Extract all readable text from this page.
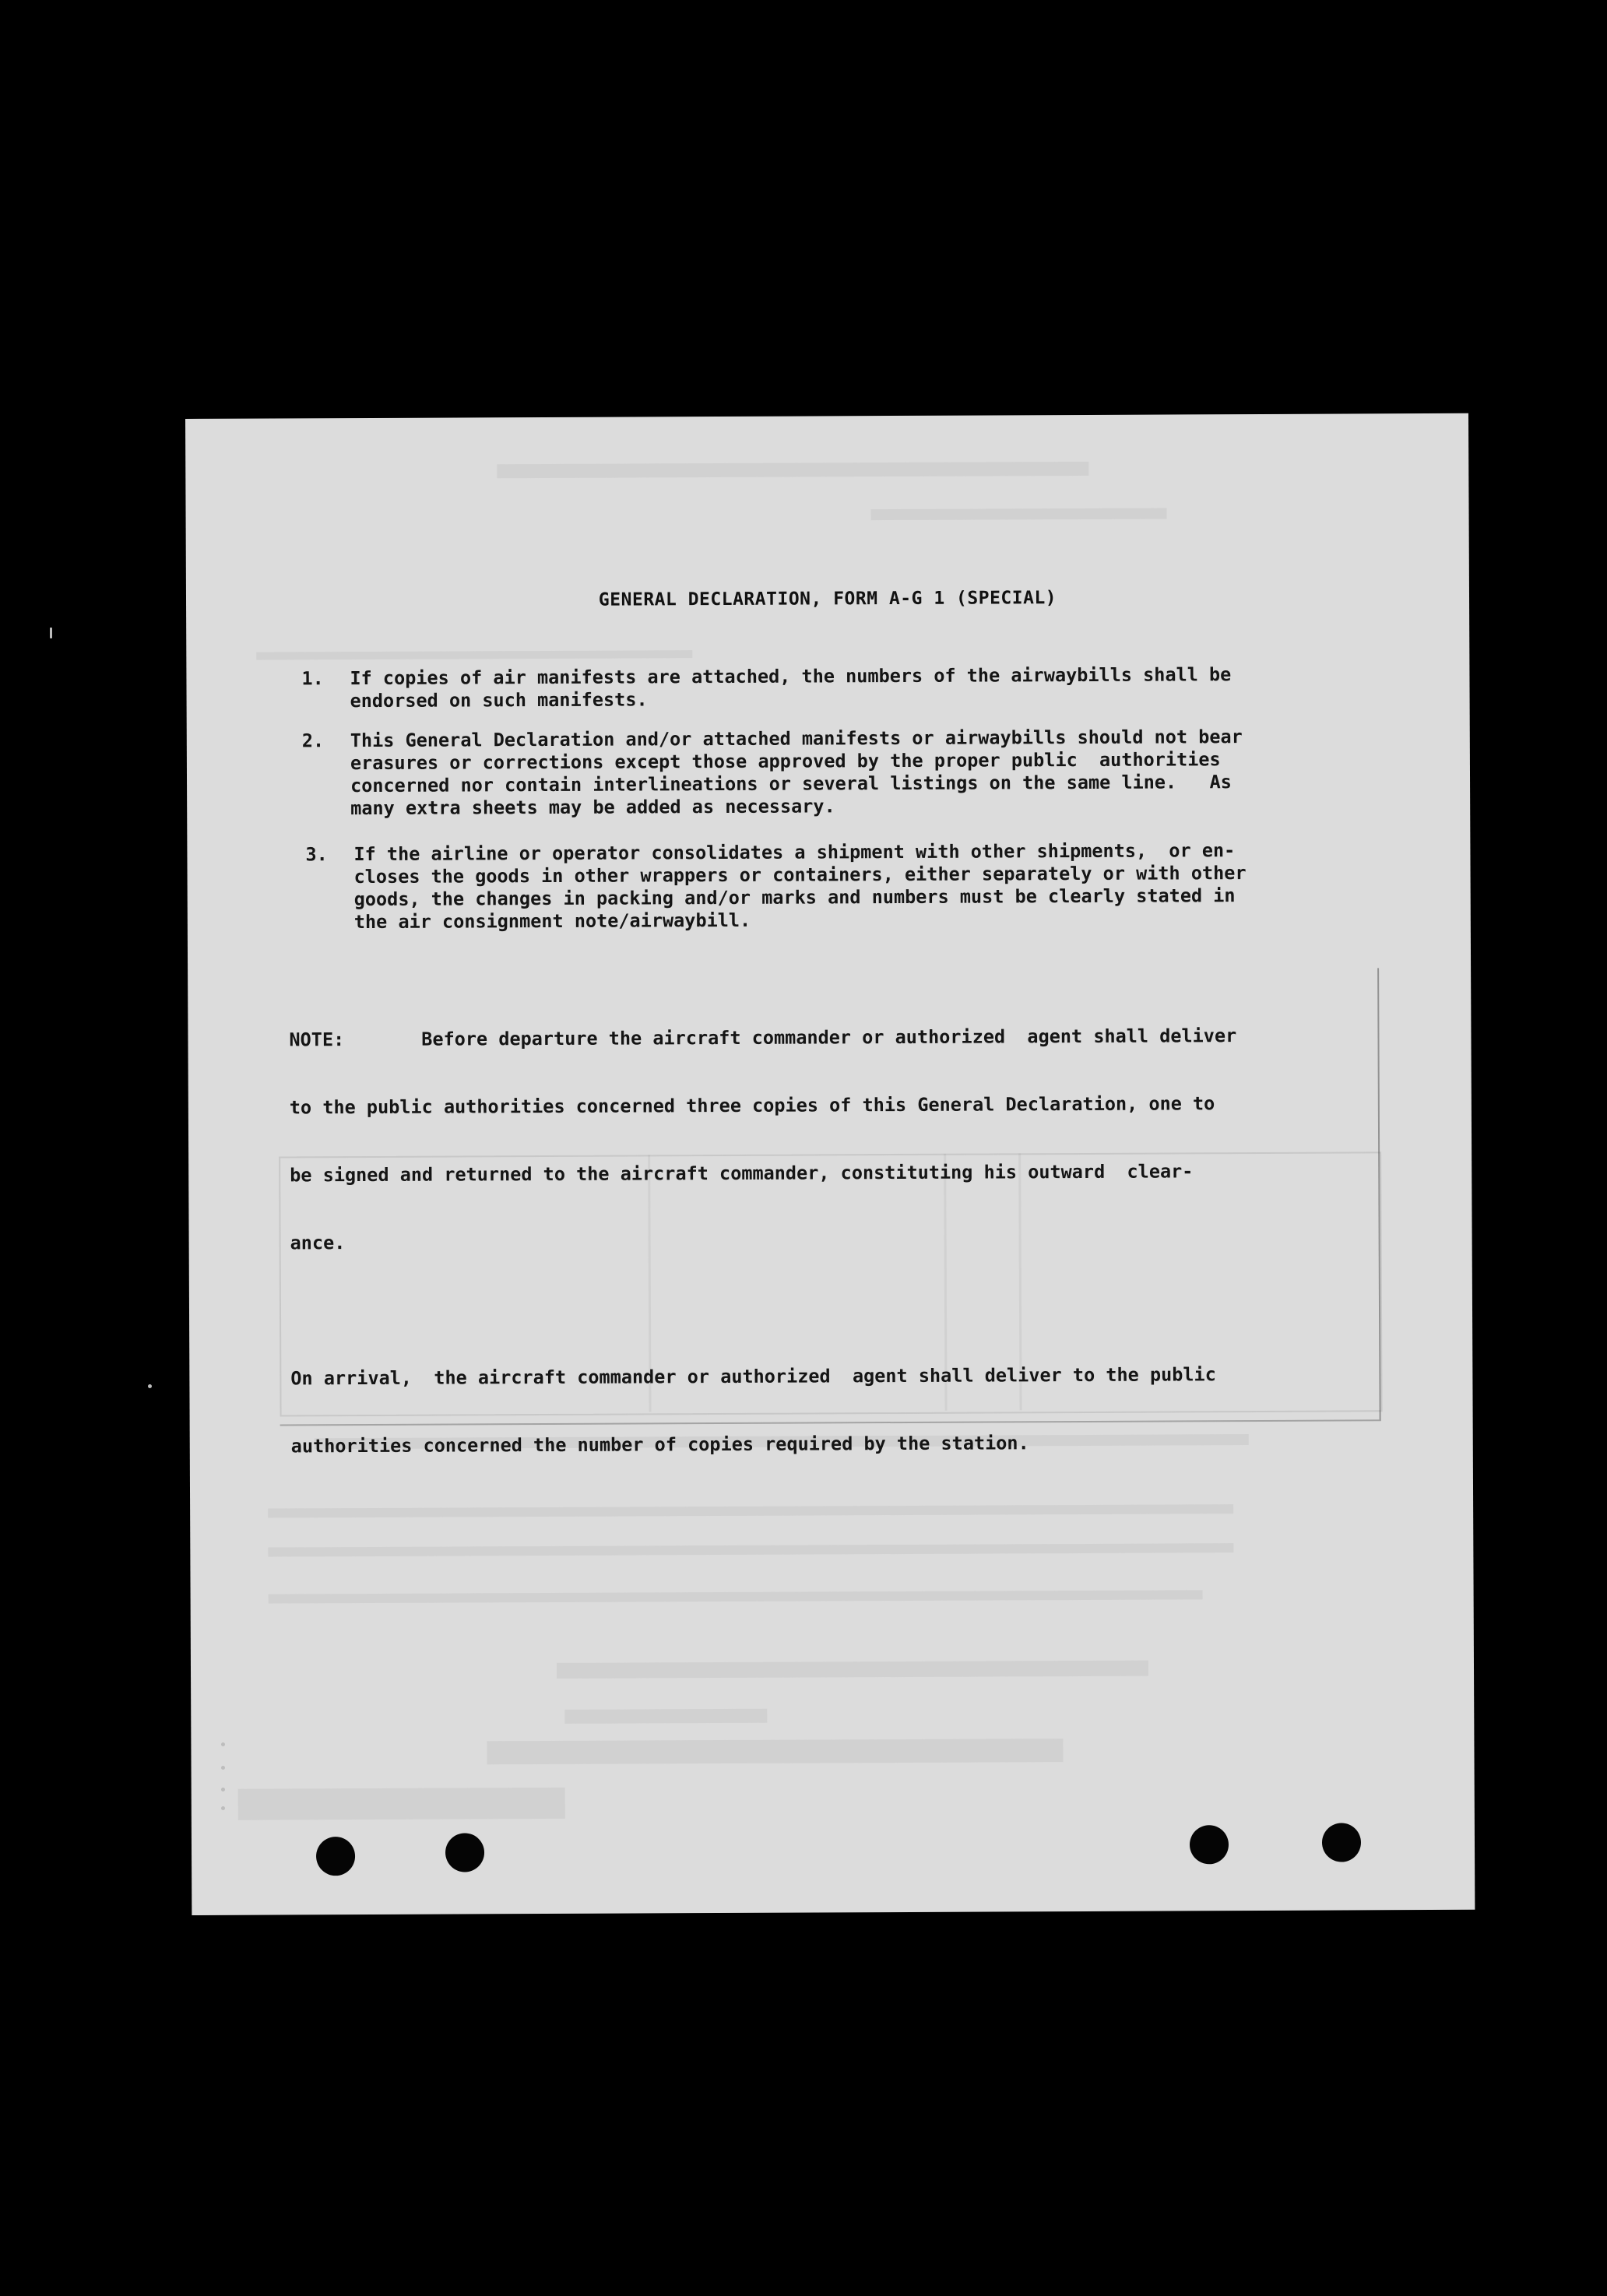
GENERAL DECLARATION, FORM A-G 1 (SPECIAL)
1. If copies of air manifests are attached, the numbers of the airwaybills shall be
endorsed on such manifests.
2. This General Declaration and/or attached manifests or airwaybills should not bear
erasures or corrections except those approved by the proper public  authorities
concerned nor contain interlineations or several listings on the same line.   As
many extra sheets may be added as necessary.
3. If the airline or operator consolidates a shipment with other shipments,  or en-
closes the goods in other wrappers or containers, either separately or with other
goods, the changes in packing and/or marks and numbers must be clearly stated in
the air consignment note/airwaybill.

NOTE:       Before departure the aircraft commander or authorized  agent shall deliver

to the public authorities concerned three copies of this General Declaration, one to

be signed and returned to the aircraft commander, constituting his outward  clear-

ance.

On arrival,  the aircraft commander or authorized  agent shall deliver to the public

authorities concerned the number of copies required by the station.
